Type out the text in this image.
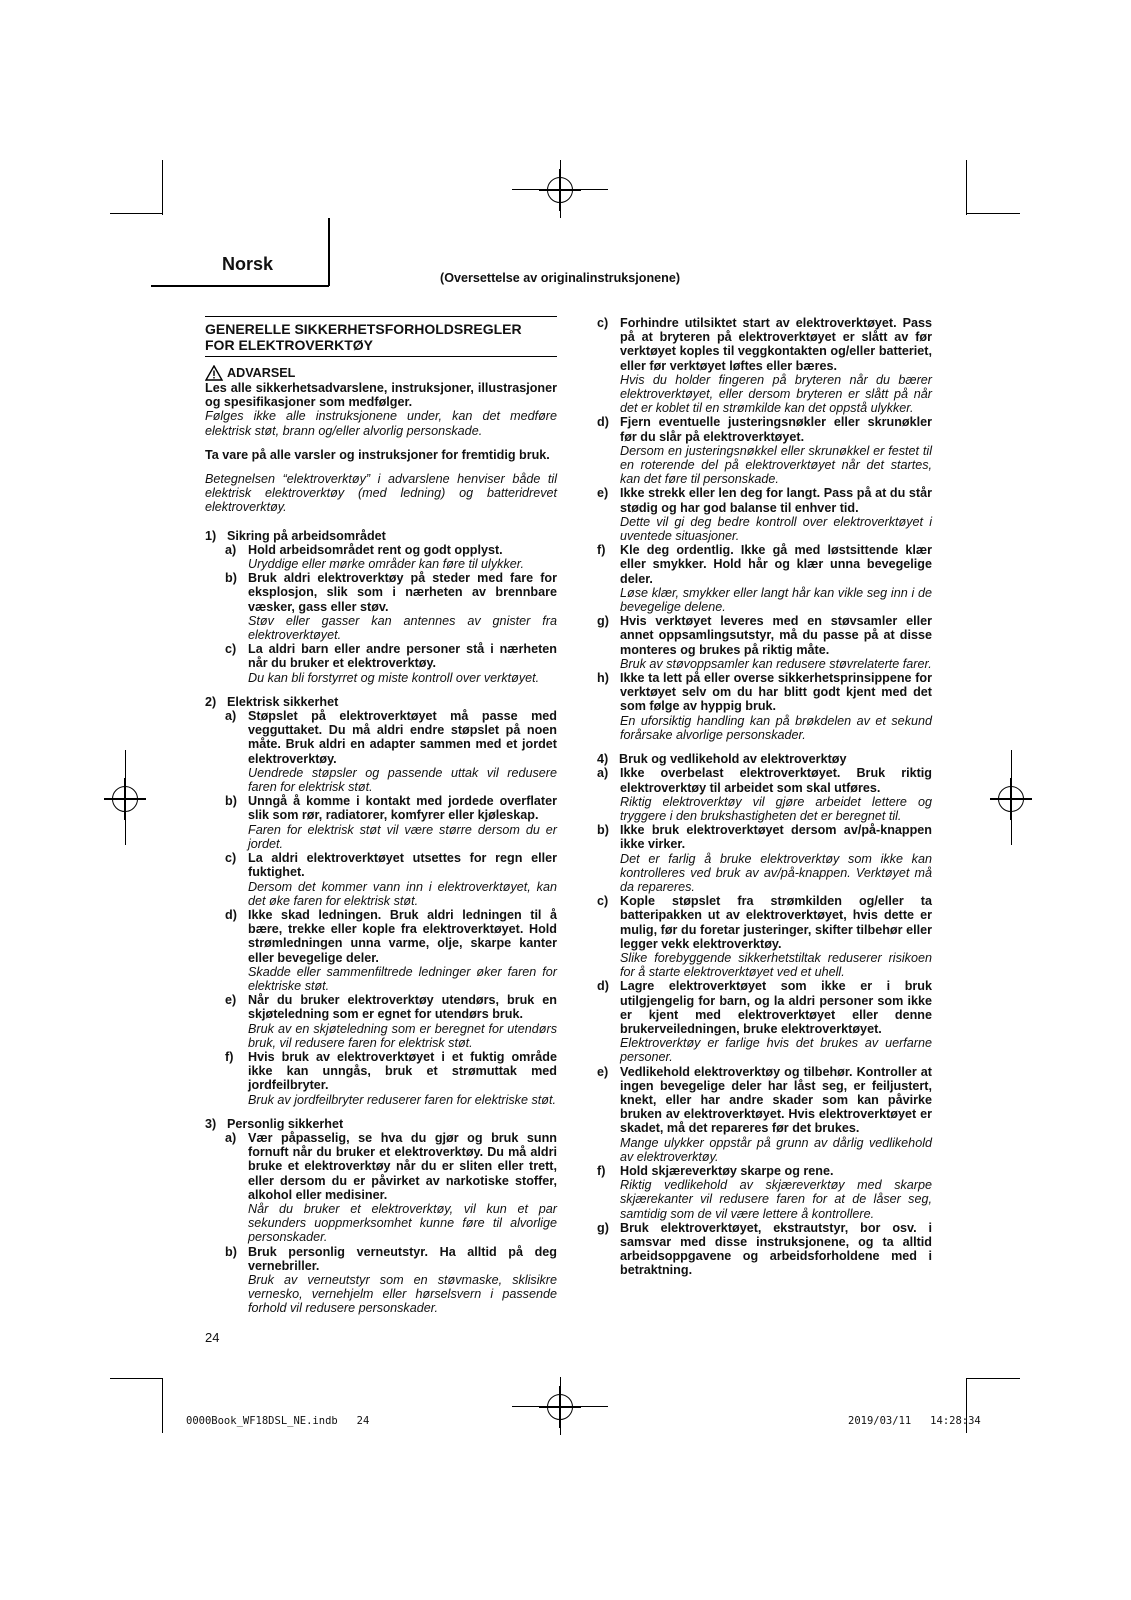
Norsk
(Oversettelse av originalinstruksjonene)
GENERELLE SIKKERHETSFORHOLDSREGLER
FOR ELEKTROVERKTØY
ADVARSEL
Les alle sikkerhetsadvarslene, instruksjoner, illustrasjoner og spesifikasjoner som medfølger.
Følges ikke alle instruksjonene under, kan det medføre elektrisk støt, brann og/eller alvorlig personskade.
Ta vare på alle varsler og instruksjoner for fremtidig bruk.
Betegnelsen “elektroverktøy” i advarslene henviser både til elektrisk elektroverktøy (med ledning) og batteridrevet elektroverktøy.
1) Sikring på arbeidsområdet
a) Hold arbeidsområdet rent og godt opplyst.
Uryddige eller mørke områder kan føre til ulykker.
b) Bruk aldri elektroverktøy på steder med fare for eksplosjon, slik som i nærheten av brennbare væsker, gass eller støv.
Støv eller gasser kan antennes av gnister fra elektroverktøyet.
c) La aldri barn eller andre personer stå i nærheten når du bruker et elektroverktøy.
Du kan bli forstyrret og miste kontroll over verktøyet.
2) Elektrisk sikkerhet
a) Støpslet på elektroverktøyet må passe med vegguttaket. Du må aldri endre støpslet på noen måte. Bruk aldri en adapter sammen med et jordet elektroverktøy.
Uendrede støpsler og passende uttak vil redusere faren for elektrisk støt.
b) Unngå å komme i kontakt med jordede overflater slik som rør, radiatorer, komfyrer eller kjøleskap.
Faren for elektrisk støt vil være større dersom du er jordet.
c) La aldri elektroverktøyet utsettes for regn eller fuktighet.
Dersom det kommer vann inn i elektroverktøyet, kan det øke faren for elektrisk støt.
d) Ikke skad ledningen. Bruk aldri ledningen til å bære, trekke eller kople fra elektroverktøyet. Hold strømledningen unna varme, olje, skarpe kanter eller bevegelige deler.
Skadde eller sammenfiltrede ledninger øker faren for elektriske støt.
e) Når du bruker elektroverktøy utendørs, bruk en skjøteledning som er egnet for utendørs bruk.
Bruk av en skjøteledning som er beregnet for utendørs bruk, vil redusere faren for elektrisk støt.
f)	Hvis bruk av elektroverktøyet i et fuktig område ikke kan unngås, bruk et strømuttak med jordfeilbryter.
Bruk av jordfeilbryter reduserer faren for elektriske støt.
3) Personlig sikkerhet
a) Vær påpasselig, se hva du gjør og bruk sunn fornuft når du bruker et elektroverktøy. Du må aldri bruke et elektroverktøy når du er sliten eller trett, eller dersom du er påvirket av narkotiske stoffer, alkohol eller medisiner.
Når du bruker et elektroverktøy, vil kun et par sekunders uoppmerksomhet kunne føre til alvorlige personskader.
b) Bruk personlig verneutstyr. Ha alltid på deg vernebriller.
Bruk av verneutstyr som en støvmaske, sklisikre vernesko, vernehjelm eller hørselsvern i passende forhold vil redusere personskader.
c) Forhindre utilsiktet start av elektroverktøyet. Pass på at bryteren på elektroverktøyet er slått av før verktøyet koples til veggkontakten og/eller batteriet, eller før verktøyet løftes eller bæres.
Hvis du holder fingeren på bryteren når du bærer elektroverktøyet, eller dersom bryteren er slått på når det er koblet til en strømkilde kan det oppstå ulykker.
d) Fjern eventuelle justeringsnøkler eller skrunøkler før du slår på elektroverktøyet.
Dersom en justeringsnøkkel eller skrunøkkel er festet til en roterende del på elektroverktøyet når det startes, kan det føre til personskade.
e) Ikke strekk eller len deg for langt. Pass på at du står stødig og har god balanse til enhver tid.
Dette vil gi deg bedre kontroll over elektroverktøyet i uventede situasjoner.
f)	Kle deg ordentlig. Ikke gå med løstsittende klær eller smykker. Hold hår og klær unna bevegelige deler.
Løse klær, smykker eller langt hår kan vikle seg inn i de bevegelige delene.
g) Hvis verktøyet leveres med en støvsamler eller annet oppsamlingsutstyr, må du passe på at disse monteres og brukes på riktig måte.
Bruk av støvoppsamler kan redusere støvrelaterte farer.
h) Ikke ta lett på eller overse sikkerhetsprinsippene for verktøyet selv om du har blitt godt kjent med det som følge av hyppig bruk.
En uforsiktig handling kan på brøkdelen av et sekund forårsake alvorlige personskader.
4) Bruk og vedlikehold av elektroverktøy
a) Ikke overbelast elektroverktøyet. Bruk riktig elektroverktøy til arbeidet som skal utføres.
Riktig elektroverktøy vil gjøre arbeidet lettere og tryggere i den brukshastigheten det er beregnet til.
b) Ikke bruk elektroverktøyet dersom av/på-knappen ikke virker.
Det er farlig å bruke elektroverktøy som ikke kan kontrolleres ved bruk av av/på-knappen. Verktøyet må da repareres.
c) Kople støpslet fra strømkilden og/eller ta batteripakken ut av elektroverktøyet, hvis dette er mulig, før du foretar justeringer, skifter tilbehør eller legger vekk elektroverktøy.
Slike forebyggende sikkerhetstiltak reduserer risikoen for å starte elektroverktøyet ved et uhell.
d) Lagre elektroverktøyet som ikke er i bruk utilgjengelig for barn, og la aldri personer som ikke er kjent med elektroverktøyet eller denne brukerveiledningen, bruke elektroverktøyet.
Elektroverktøy er farlige hvis det brukes av uerfarne personer.
e) Vedlikehold elektroverktøy og tilbehør. Kontroller at ingen bevegelige deler har låst seg, er feiljustert, knekt, eller har andre skader som kan påvirke bruken av elektroverktøyet. Hvis elektroverktøyet er skadet, må det repareres før det brukes.
Mange ulykker oppstår på grunn av dårlig vedlikehold av elektroverktøy.
f)	Hold skjæreverktøy skarpe og rene.
Riktig vedlikehold av skjæreverktøy med skarpe skjærekanter vil redusere faren for at de låser seg, samtidig som de vil være lettere å kontrollere.
g) Bruk elektroverktøyet, ekstrautstyr, bor osv. i samsvar med disse instruksjonene, og ta alltid arbeidsoppgavene og arbeidsforholdene med i betraktning.
24
0000Book_WF18DSL_NE.indb   24	2019/03/11   14:28:34
